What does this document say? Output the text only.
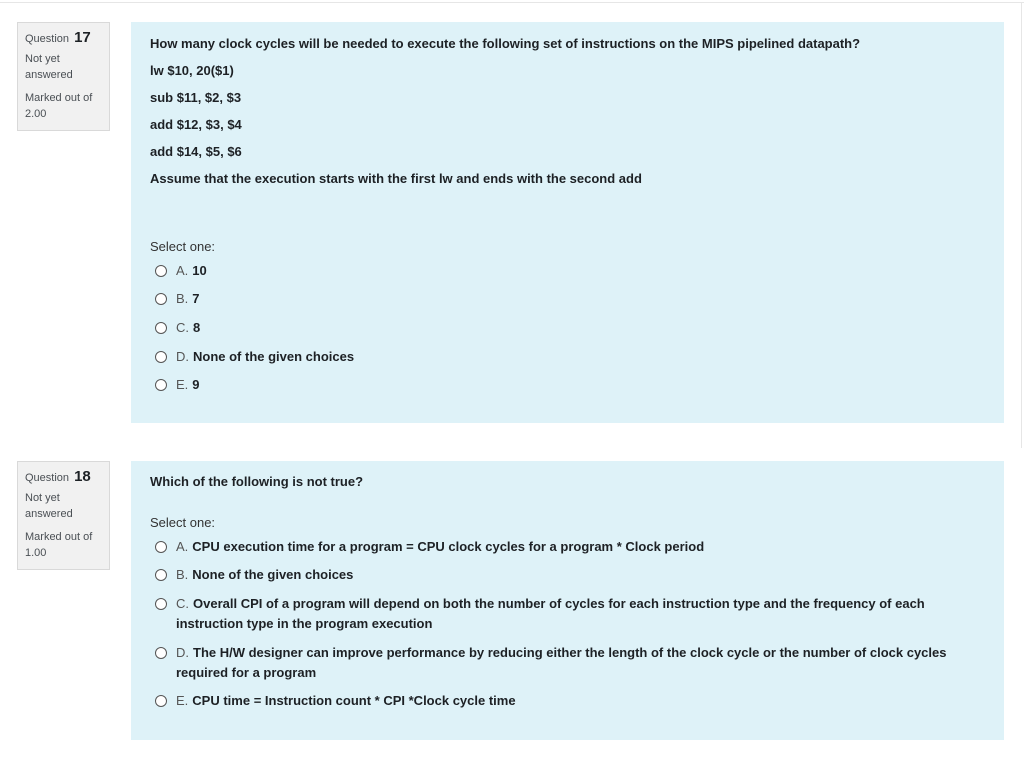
Question 17
Not yet answered
Marked out of 2.00
How many clock cycles will be needed to execute the following set of instructions on the MIPS pipelined datapath?
lw $10, 20($1)
sub $11, $2, $3
add $12, $3, $4
add $14, $5, $6
Assume that the execution starts with the first lw and ends with the second add
Select one:
A. 10
B. 7
C. 8
D. None of the given choices
E. 9
Question 18
Not yet answered
Marked out of 1.00
Which of the following is not true?
Select one:
A. CPU execution time for a program = CPU clock cycles for a program * Clock period
B. None of the given choices
C. Overall CPI of a program will depend on both the number of cycles for each instruction type and the frequency of each instruction type in the program execution
D. The H/W designer can improve performance by reducing either the length of the clock cycle or the number of clock cycles required for a program
E. CPU time = Instruction count * CPI *Clock cycle time
